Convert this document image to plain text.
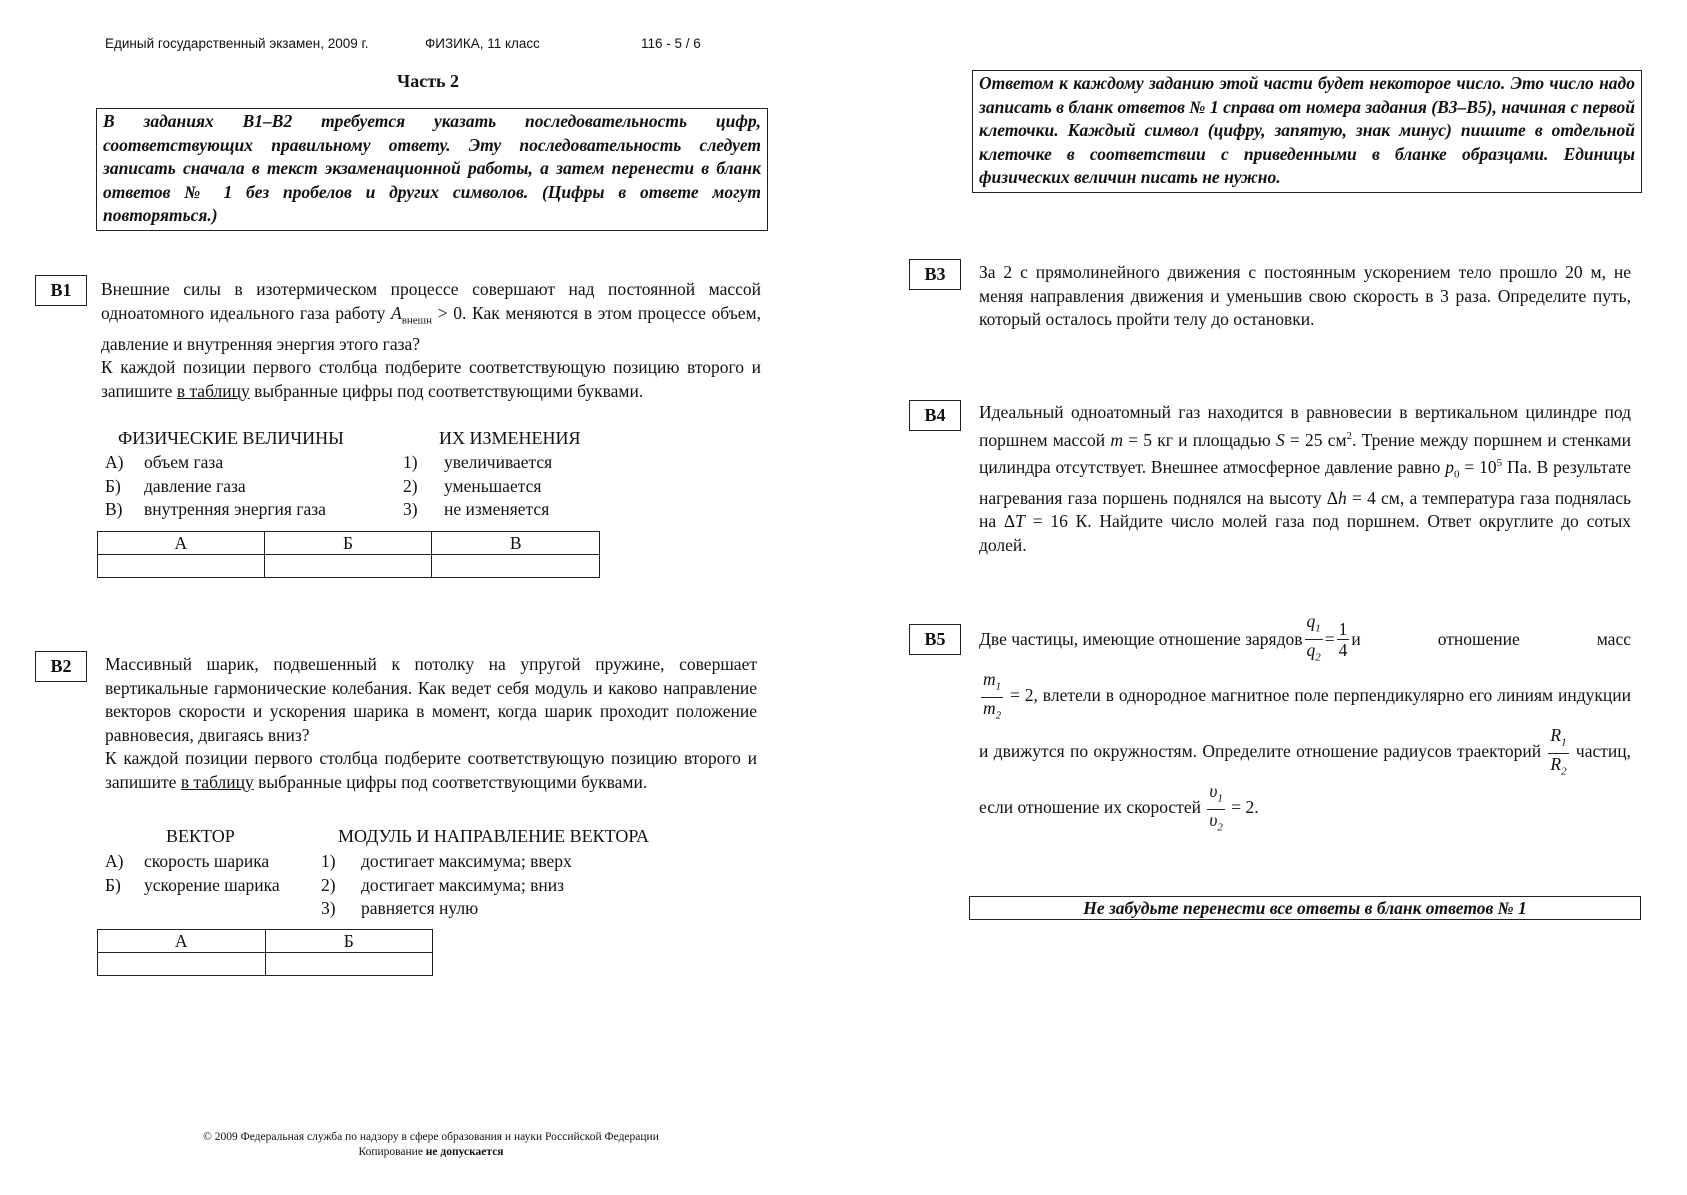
Единый государственный экзамен, 2009 г.	ФИЗИКА, 11 класс	116 - 5 / 6
Часть 2
В заданиях В1–В2 требуется указать последовательность цифр, соответствующих правильному ответу. Эту последовательность следует записать сначала в текст экзаменационной работы, а затем перенести в бланк ответов № 1 без пробелов и других символов. (Цифры в ответе могут повторяться.)
Ответом к каждому заданию этой части будет некоторое число. Это число надо записать в бланк ответов № 1 справа от номера задания (В3–В5), начиная с первой клеточки. Каждый символ (цифру, запятую, знак минус) пишите в отдельной клеточке в соответствии с приведенными в бланке образцами. Единицы физических величин писать не нужно.
В1	Внешние силы в изотермическом процессе совершают над постоянной массой одноатомного идеального газа работу $A_{внешн} > 0$. Как меняются в этом процессе объем, давление и внутренняя энергия этого газа?

К каждой позиции первого столбца подберите соответствующую позицию второго и запишите в таблицу выбранные цифры под соответствующими буквами.

ФИЗИЧЕСКИЕ ВЕЛИЧИНЫ	ИХ ИЗМЕНЕНИЯ
А) объем газа	1) увеличивается
Б) давление газа	2) уменьшается
В) внутренняя энергия газа	3) не изменяется
А	Б	В

В2	Массивный шарик, подвешенный к потолку на упругой пружине, совершает вертикальные гармонические колебания. Как ведет себя модуль и каково направление векторов скорости и ускорения шарика в момент, когда шарик проходит положение равновесия, двигаясь вниз?

К каждой позиции первого столбца подберите соответствующую позицию второго и запишите в таблицу выбранные цифры под соответствующими буквами.

ВЕКТОР	МОДУЛЬ И НАПРАВЛЕНИЕ ВЕКТОРА
А) скорость шарика	1) достигает максимума; вверх
Б) ускорение шарика 2) достигает максимума; вниз
3) равняется нулю
А	Б

В3	За 2 с прямолинейного движения с постоянным ускорением тело прошло 20 м, не меняя направления движения и уменьшив свою скорость в 3 раза. Определите путь, который осталось пройти телу до остановки.

В4	Идеальный одноатомный газ находится в равновесии в вертикальном цилиндре под поршнем массой m = 5 кг и площадью S = 25 $см^2$. Трение между поршнем и стенками цилиндра отсутствует. Внешнее атмосферное давление равно $p_0 = 10^5$ Па. В результате нагревания газа поршень поднялся на высоту Δh = 4 см, а температура газа поднялась на ΔT = 16 К. Найдите число молей газа под поршнем. Ответ округлите до сотых долей.

В5	Две частицы, имеющие отношение зарядов $\frac{q_1}{q_2} = \frac{1}{4}$ и отношение масс
$\frac{m_1}{m_2} = 2$, влетели в однородное магнитное поле перпендикулярно его линиям индукции и движутся по окружностям. Определите отношение радиусов траекторий $\frac{R_1}{R_2}$ частиц, если отношение их скоростей $\frac{\upsilon_1}{\upsilon_2} = 2$.
Не забудьте перенести все ответы в бланк ответов № 1
© 2009 Федеральная служба по надзору в сфере образования и науки Российской Федерации
Копирование не допускается
